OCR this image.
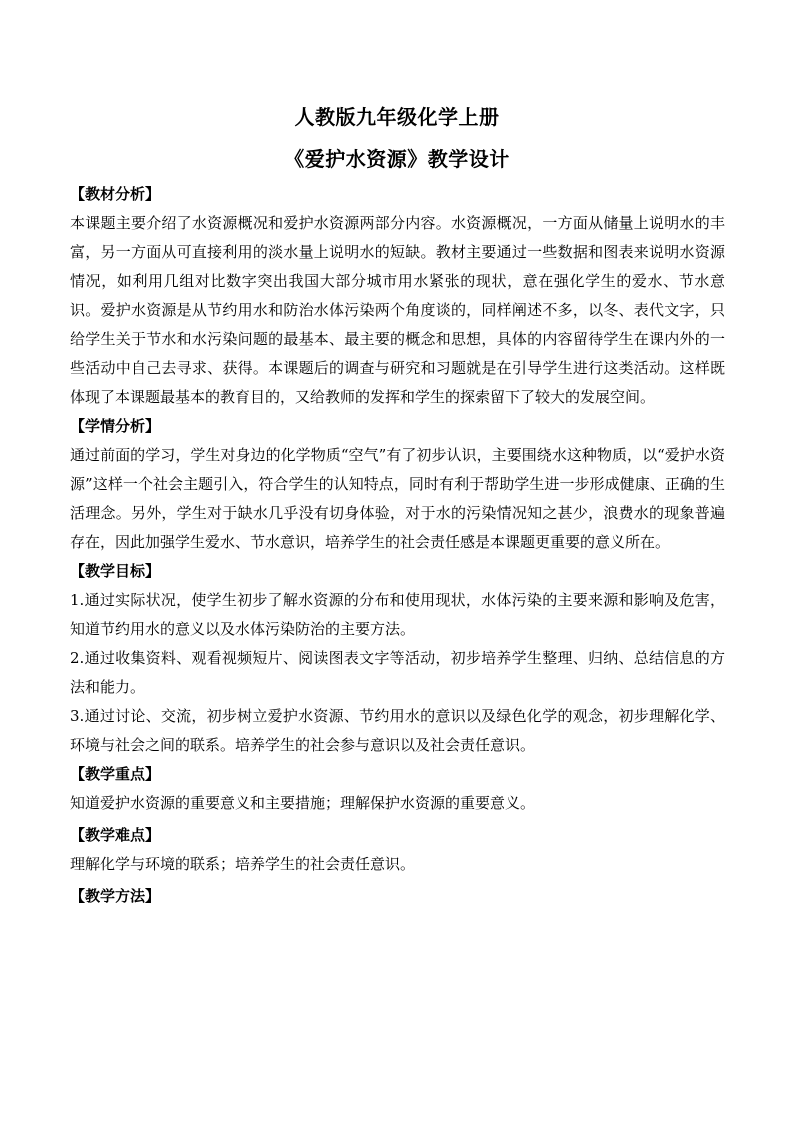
人教版九年级化学上册
《爱护水资源》教学设计

【教材分析】

本课题主要介绍了水资源概况和爱护水资源两部分内容。水资源概况，一方面从储量上说明水的丰富，另一方面从可直接利用的淡水量上说明水的短缺。教材主要通过一些数据和图表来说明水资源情况，如利用几组对比数字突出我国大部分城市用水紧张的现状，意在强化学生的爱水、节水意识。爱护水资源是从节约用水和防治水体污染两个角度谈的，同样阐述不多，以冬、表代文字，只给学生关于节水和水污染问题的最基本、最主要的概念和思想，具体的内容留待学生在课内外的一些活动中自己去寻求、获得。本课题后的调查与研究和习题就是在引导学生进行这类活动。这样既体现了本课题最基本的教育目的，又给教师的发挥和学生的探索留下了较大的发展空间。

【学情分析】

通过前面的学习，学生对身边的化学物质“空气”有了初步认识，主要围绕水这种物质，以“爱护水资源”这样一个社会主题引入，符合学生的认知特点，同时有利于帮助学生进一步形成健康、正确的生活理念。另外，学生对于缺水几乎没有切身体验，对于水的污染情况知之甚少，浪费水的现象普遍存在，因此加强学生爱水、节水意识，培养学生的社会责任感是本课题更重要的意义所在。

【教学目标】

1.通过实际状况，使学生初步了解水资源的分布和使用现状，水体污染的主要来源和影响及危害，知道节约用水的意义以及水体污染防治的主要方法。

2.通过收集资料、观看视频短片、阅读图表文字等活动，初步培养学生整理、归纳、总结信息的方法和能力。

3.通过讨论、交流，初步树立爱护水资源、节约用水的意识以及绿色化学的观念，初步理解化学、环境与社会之间的联系。培养学生的社会参与意识以及社会责任意识。

【教学重点】

知道爱护水资源的重要意义和主要措施；理解保护水资源的重要意义。

【教学难点】

理解化学与环境的联系；培养学生的社会责任意识。

【教学方法】
